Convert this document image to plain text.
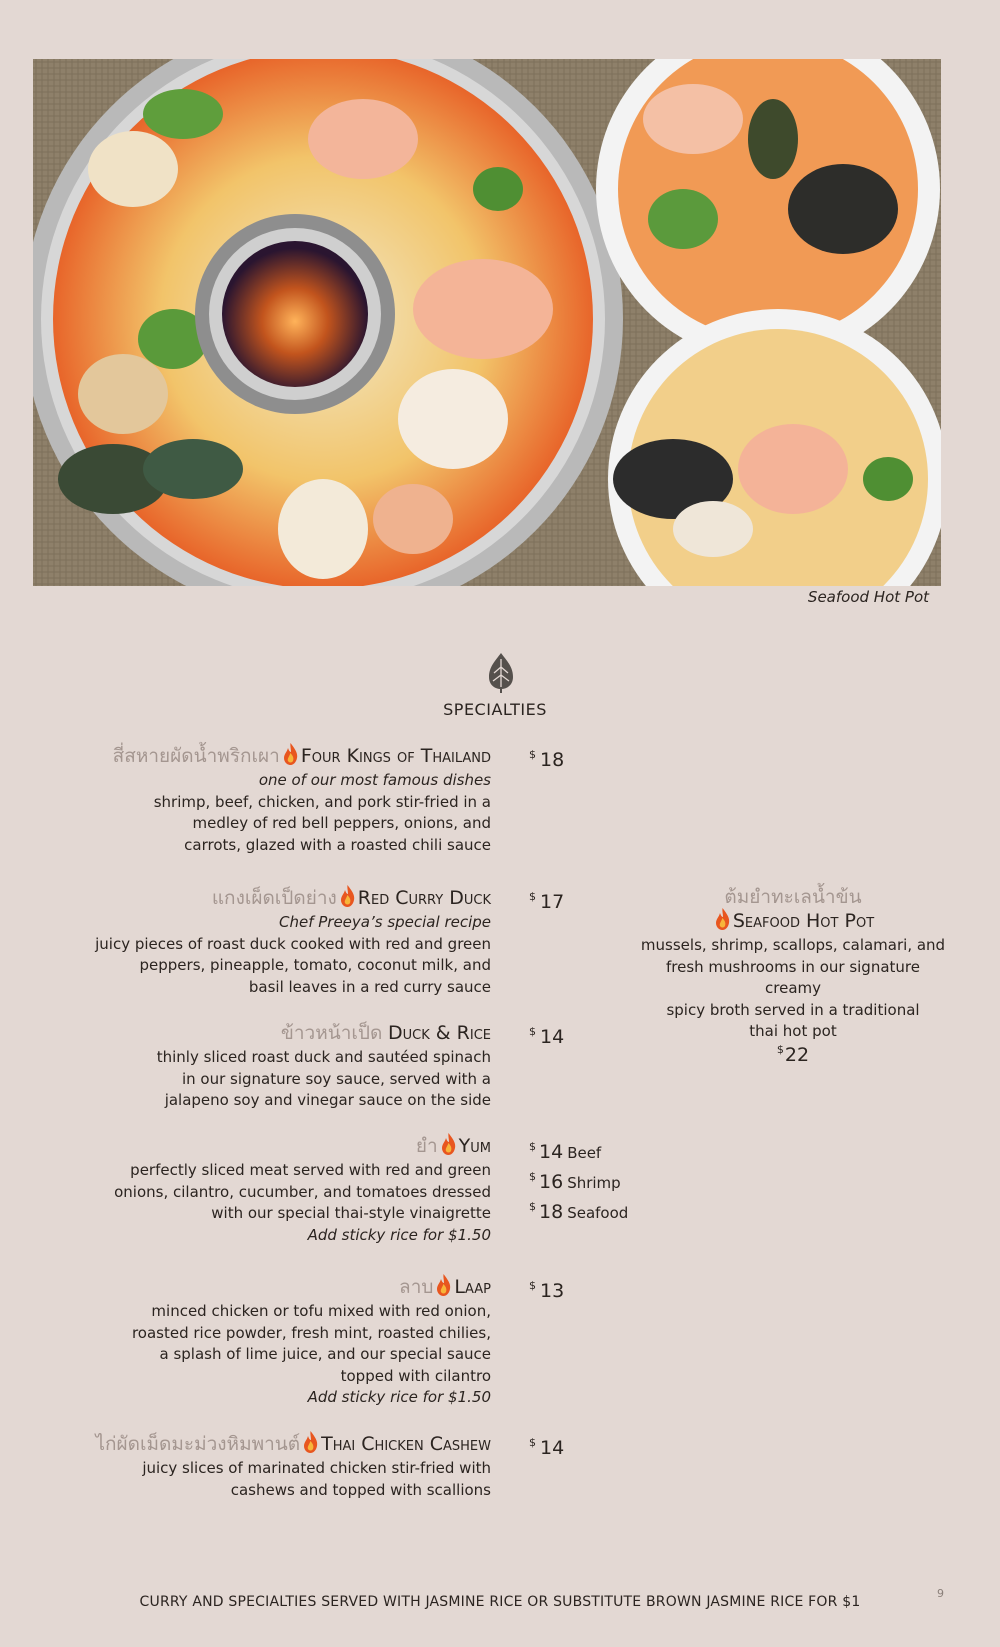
Seafood Hot Pot
SPECIALTIES
สี่สหายผัดน้ำพริกเผา Four Kings of Thailand
one of our most famous dishes
shrimp, beef, chicken, and pork stir-fried in a
medley of red bell peppers, onions, and
carrots, glazed with a roasted chili sauce
$ 18
แกงเผ็ดเป็ดย่าง Red Curry Duck
Chef Preeya’s special recipe
juicy pieces of roast duck cooked with red and green
peppers, pineapple, tomato, coconut milk, and
basil leaves in a red curry sauce
$ 17
ข้าวหน้าเป็ด Duck & Rice
thinly sliced roast duck and sautéed spinach
in our signature soy sauce, served with a
jalapeno soy and vinegar sauce on the side
$ 14
ยำ Yum
perfectly sliced meat served with red and green
onions, cilantro, cucumber, and tomatoes dressed
with our special thai-style vinaigrette
Add sticky rice for $1.50
$ 14 Beef
$ 16 Shrimp
$ 18 Seafood
ลาบ Laap
minced chicken or tofu mixed with red onion,
roasted rice powder, fresh mint, roasted chilies,
a splash of lime juice, and our special sauce
topped with cilantro
Add sticky rice for $1.50
$ 13
ไก่ผัดเม็ดมะม่วงหิมพานต์ Thai Chicken Cashew
juicy slices of marinated chicken stir-fried with
cashews and topped with scallions
$ 14
ต้มยำทะเลน้ำข้น
Seafood Hot Pot
mussels, shrimp, scallops, calamari, and
fresh mushrooms in our signature creamy
spicy broth served in a traditional
thai hot pot
$22
9
CURRY AND SPECIALTIES SERVED WITH JASMINE RICE OR SUBSTITUTE BROWN JASMINE RICE FOR $1
